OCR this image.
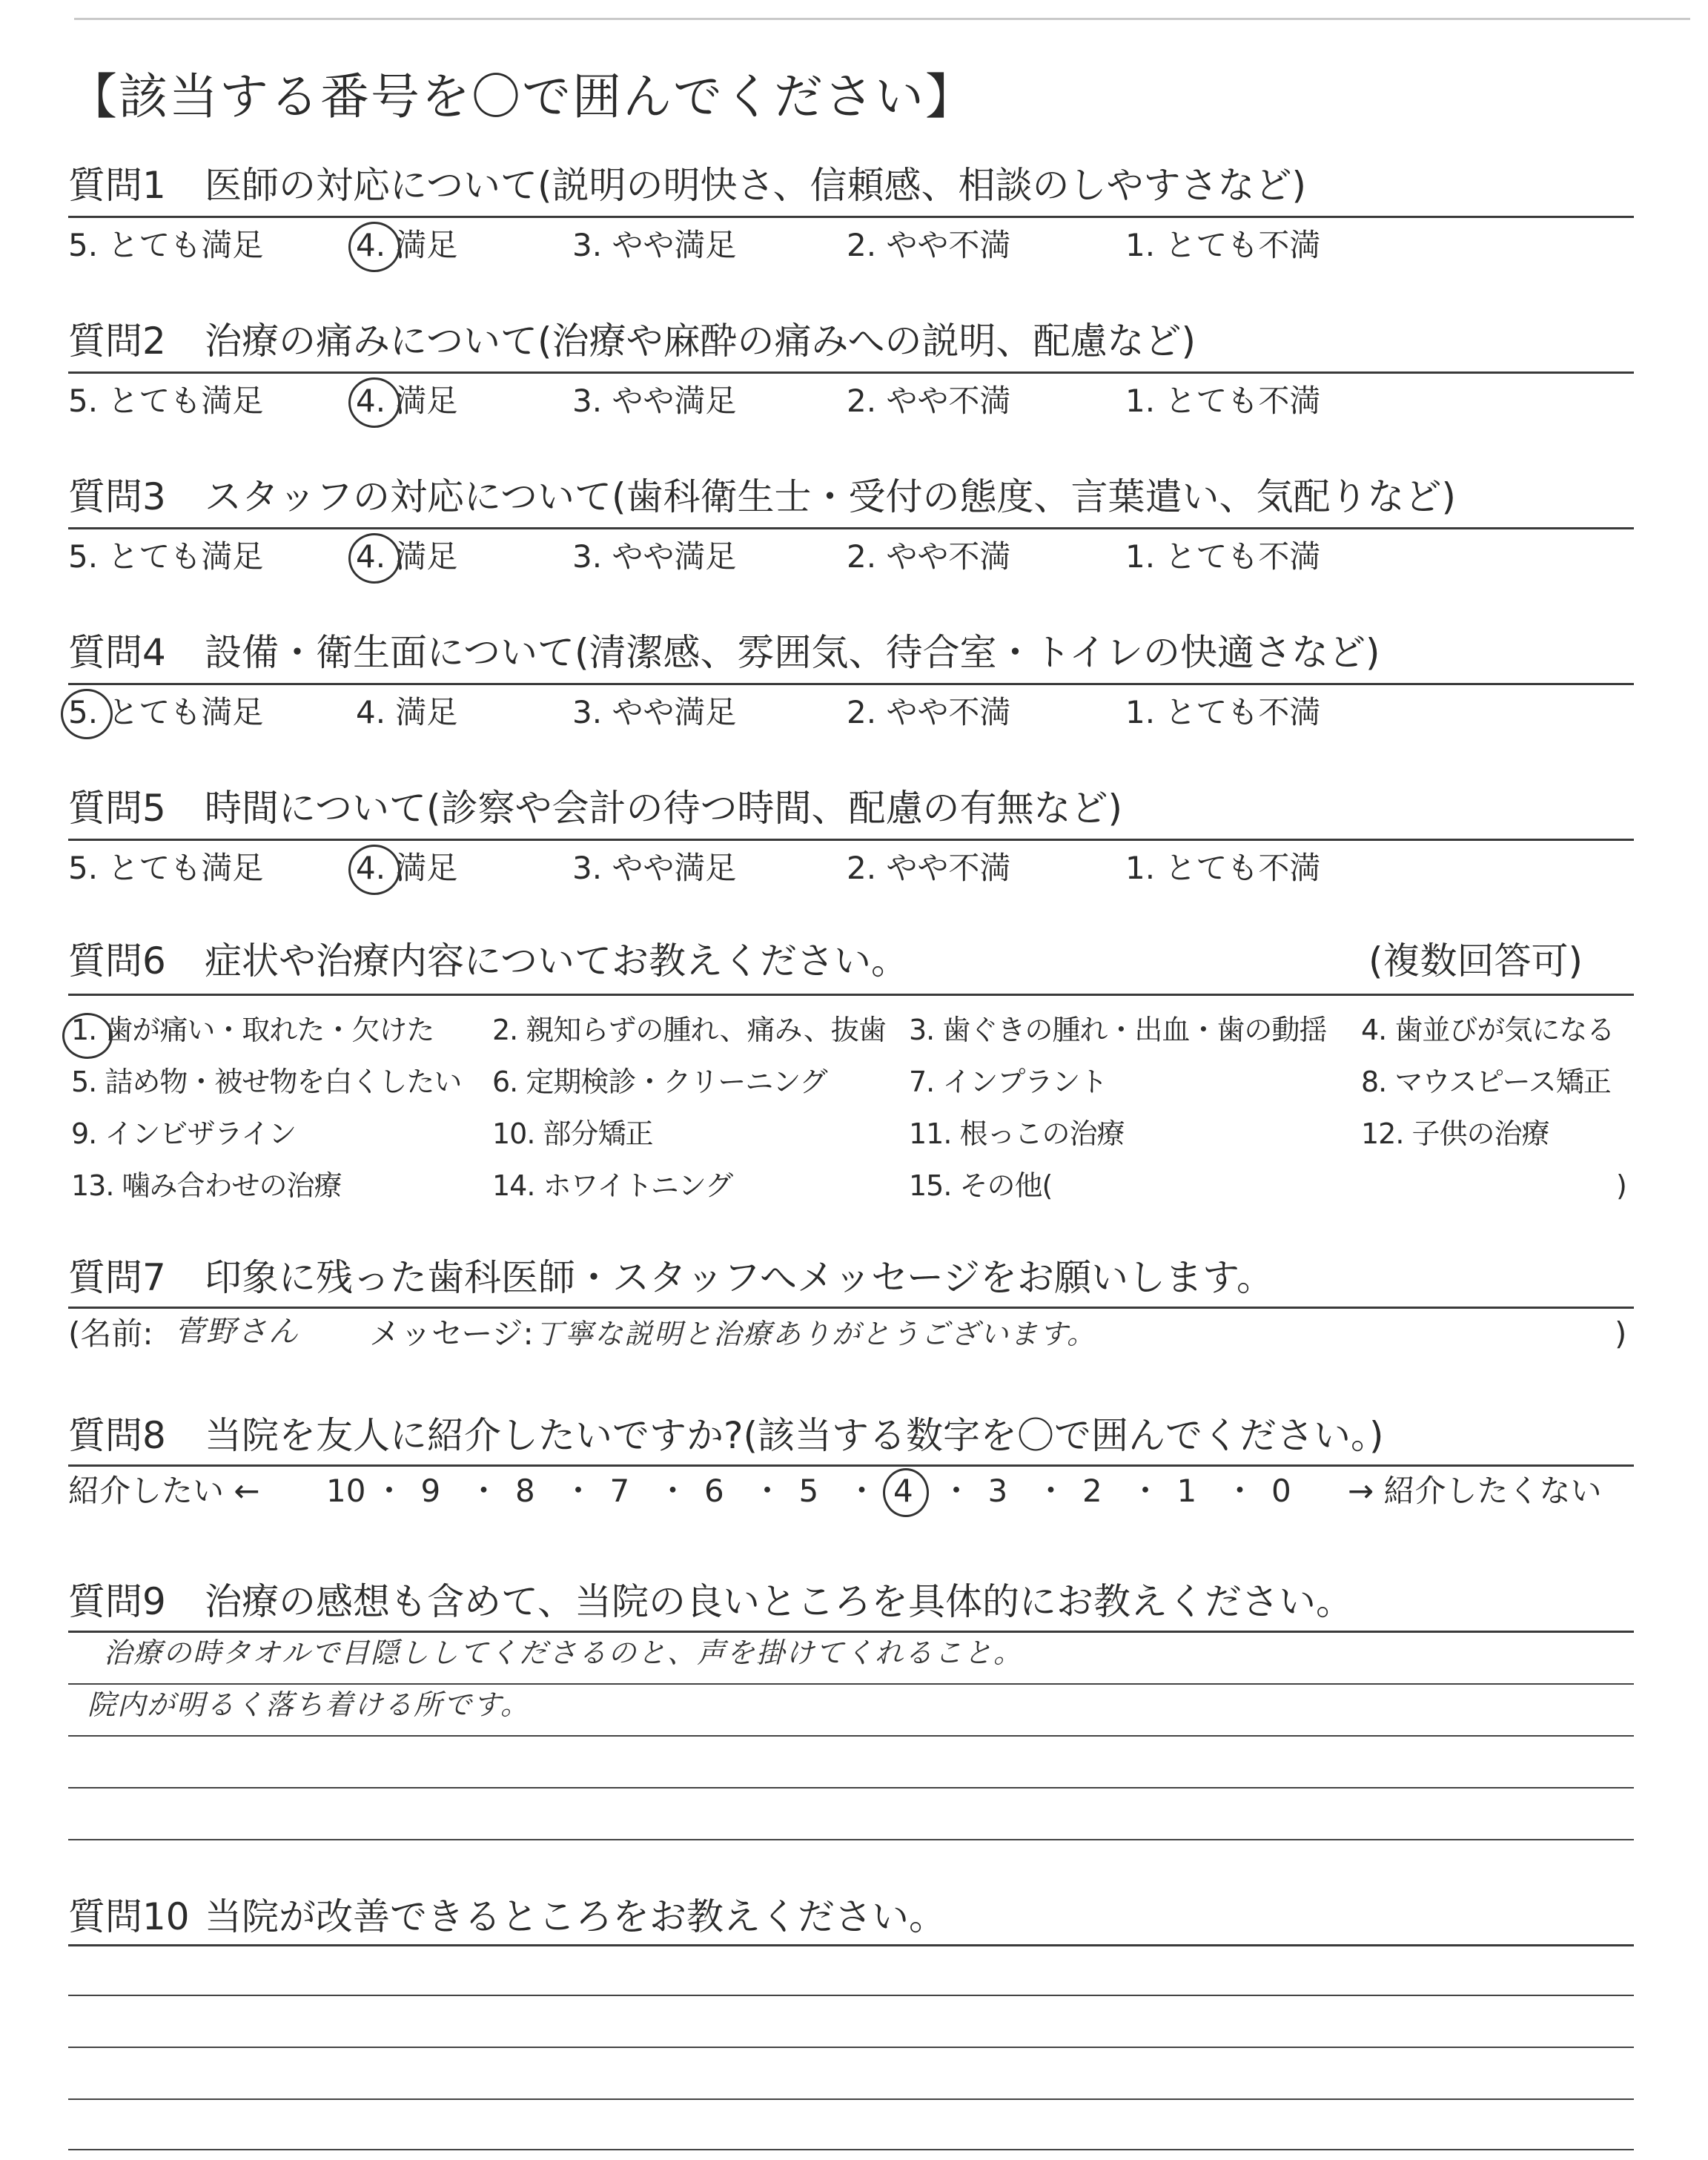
【該当する番号を〇で囲んでください】
質問1 医師の対応について(説明の明快さ、信頼感、相談のしやすさなど)
5. とても満足	4. 満足	3. やや満足	2. やや不満	1. とても不満
質問2 治療の痛みについて(治療や麻酔の痛みへの説明、配慮など)
5. とても満足	4. 満足	3. やや満足	2. やや不満	1. とても不満
質問3 スタッフの対応について(歯科衛生士・受付の態度、言葉遣い、気配りなど)
5. とても満足	4. 満足	3. やや満足	2. やや不満	1. とても不満
質問4 設備・衛生面について(清潔感、雰囲気、待合室・トイレの快適さなど)
5. とても満足	4. 満足	3. やや満足	2. やや不満	1. とても不満
質問5 時間について(診察や会計の待つ時間、配慮の有無など)
5. とても満足	4. 満足	3. やや満足	2. やや不満	1. とても不満
質問6 症状や治療内容についてお教えください。	(複数回答可)
1. 歯が痛い・取れた・欠けた 2. 親知らずの腫れ、痛み、抜歯 3. 歯ぐきの腫れ・出血・歯の動揺 4. 歯並びが気になる
5. 詰め物・被せ物を白くしたい 6. 定期検診・クリーニング	7. インプラント	8. マウスピース矯正
9. インビザライン	10. 部分矯正	11. 根っこの治療	12. 子供の治療
13. 噛み合わせの治療	14. ホワイトニング	15. その他(	)
質問7 印象に残った歯科医師・スタッフへメッセージをお願いします。
(名前: 菅野さん メッセージ: 丁寧な説明と治療ありがとうございます。	)
質問8 当院を友人に紹介したいですか?(該当する数字を〇で囲んでください。)
紹介したい ←	→ 紹介したくない
10 ・ 9 ・ 8 ・ 7 ・ 6 ・ 5 ・ 4 ・ 3 ・ 2 ・ 1 ・ 0
質問9 治療の感想も含めて、当院の良いところを具体的にお教えください。
治療の時タオルで目隠ししてくださるのと、声を掛けてくれること。
院内が明るく落ち着ける所です。
質問10 当院が改善できるところをお教えください。
